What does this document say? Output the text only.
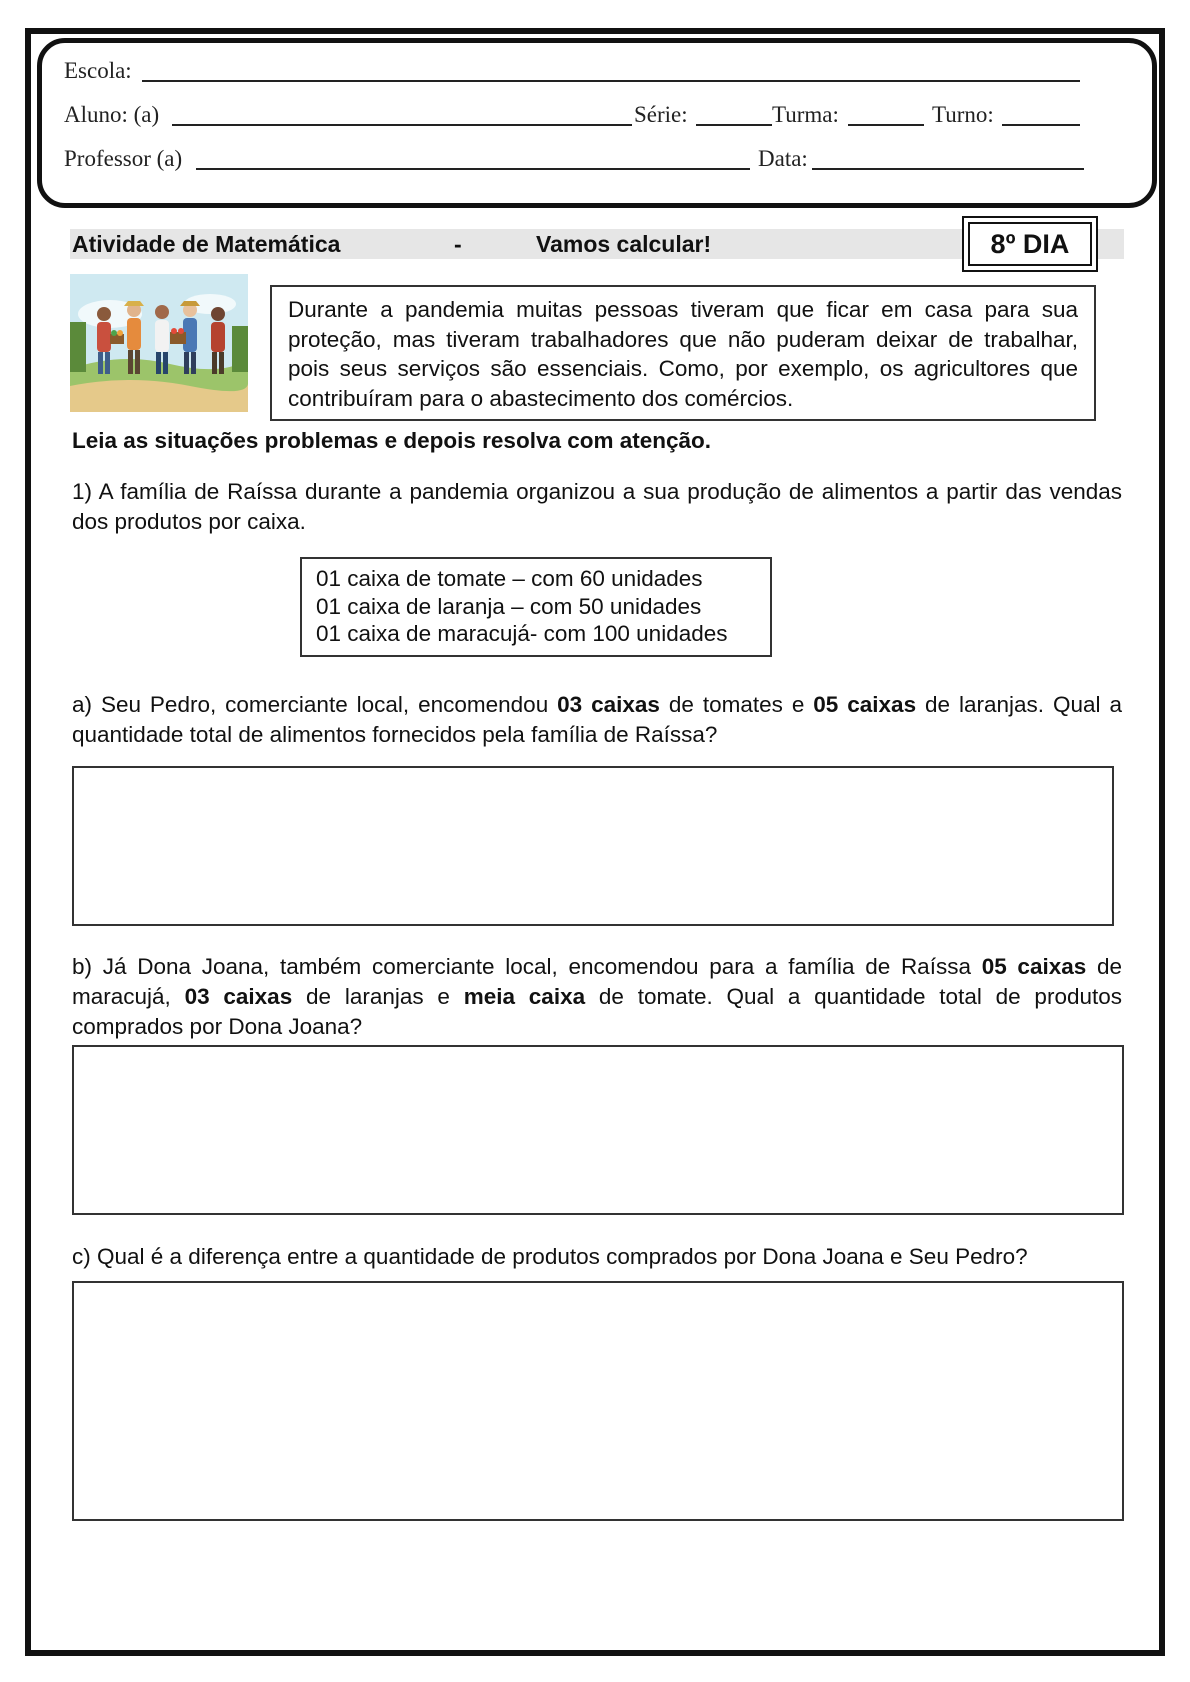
Escola:
Aluno: (a)	Série:	Turma:	Turno:
Professor (a)	Data:
Atividade de Matemática	-	Vamos calcular!	8º DIA
Durante a pandemia muitas pessoas tiveram que ficar em casa para sua proteção, mas tiveram trabalhadores que não puderam deixar de trabalhar, pois seus serviços são essenciais. Como, por exemplo, os agricultores que contribuíram para o abastecimento dos comércios.
Leia as situações problemas e depois resolva com atenção.
1) A família de Raíssa durante a pandemia organizou a sua produção de alimentos a partir das vendas dos produtos por caixa.
01 caixa de tomate – com 60 unidades
01 caixa de laranja – com 50 unidades
01 caixa de maracujá- com 100 unidades
a) Seu Pedro, comerciante local, encomendou 03 caixas de tomates e 05 caixas de laranjas. Qual a quantidade total de alimentos fornecidos pela família de Raíssa?
b) Já Dona Joana, também comerciante local, encomendou para a família de Raíssa 05 caixas de maracujá, 03 caixas de laranjas e meia caixa de tomate. Qual a quantidade total de produtos comprados por Dona Joana?
c) Qual é a diferença entre a quantidade de produtos comprados por Dona Joana e Seu Pedro?
